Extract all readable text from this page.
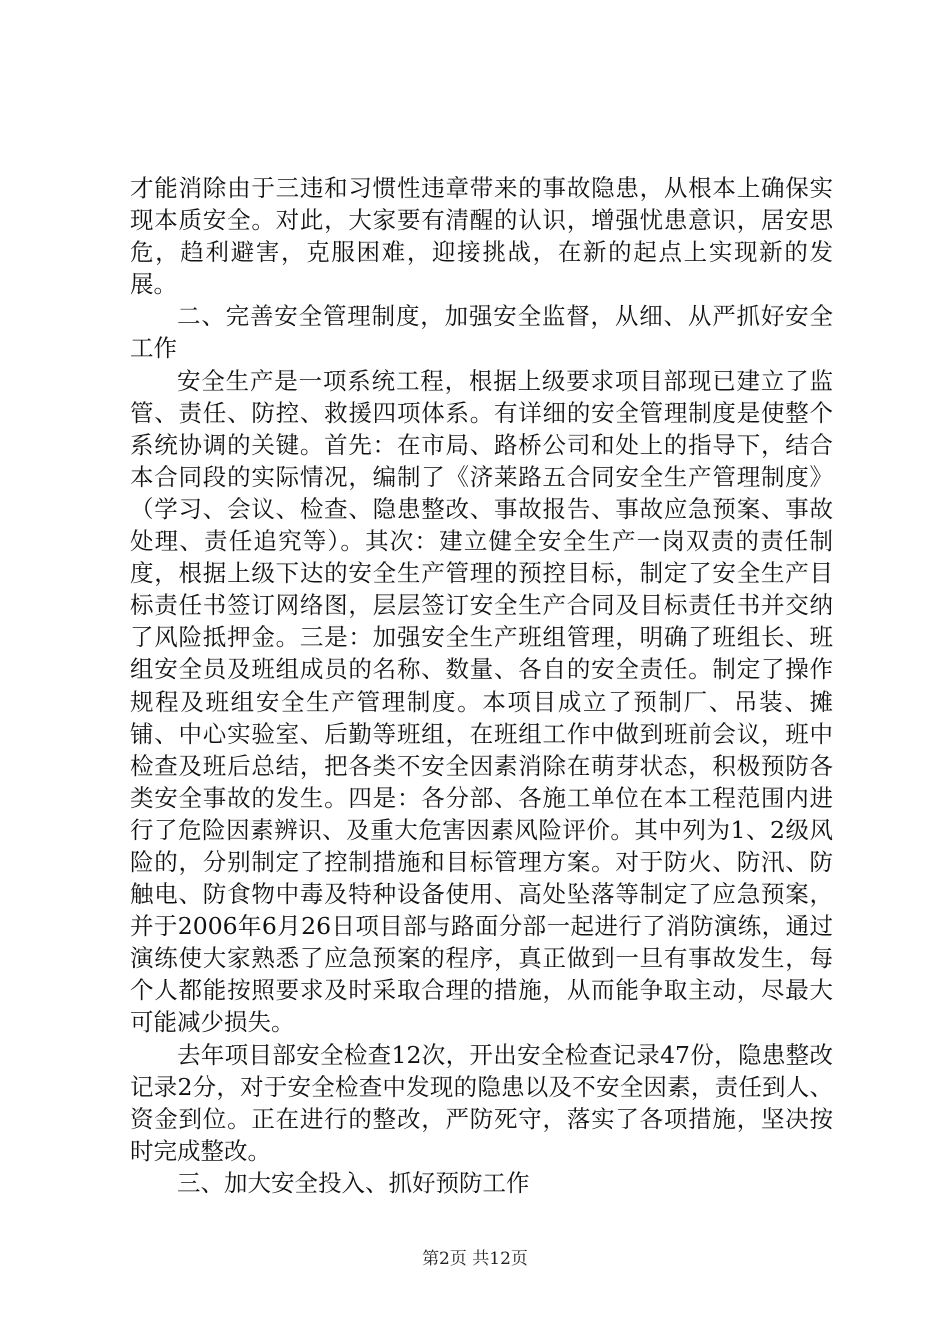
才能消除由于三违和习惯性违章带来的事故隐患，从根本上确保实现本质安全。对此，大家要有清醒的认识，增强忧患意识，居安思危，趋利避害，克服困难，迎接挑战，在新的起点上实现新的发展。

二、完善安全管理制度，加强安全监督，从细、从严抓好安全工作

安全生产是一项系统工程，根据上级要求项目部现已建立了监管、责任、防控、救援四项体系。有详细的安全管理制度是使整个系统协调的关键。首先：在市局、路桥公司和处上的指导下，结合本合同段的实际情况，编制了《济莱路五合同安全生产管理制度》（学习、会议、检查、隐患整改、事故报告、事故应急预案、事故处理、责任追究等）。其次：建立健全安全生产一岗双责的责任制度，根据上级下达的安全生产管理的预控目标，制定了安全生产目标责任书签订网络图，层层签订安全生产合同及目标责任书并交纳了风险抵押金。三是：加强安全生产班组管理，明确了班组长、班组安全员及班组成员的名称、数量、各自的安全责任。制定了操作规程及班组安全生产管理制度。本项目成立了预制厂、吊装、摊铺、中心实验室、后勤等班组，在班组工作中做到班前会议，班中检查及班后总结，把各类不安全因素消除在萌芽状态，积极预防各类安全事故的发生。四是：各分部、各施工单位在本工程范围内进行了危险因素辨识、及重大危害因素风险评价。其中列为1、2级风险的，分别制定了控制措施和目标管理方案。对于防火、防汛、防触电、防食物中毒及特种设备使用、高处坠落等制定了应急预案，并于2006年6月26日项目部与路面分部一起进行了消防演练，通过演练使大家熟悉了应急预案的程序，真正做到一旦有事故发生，每个人都能按照要求及时采取合理的措施，从而能争取主动，尽最大可能减少损失。

去年项目部安全检查12次，开出安全检查记录47份，隐患整改记录2分，对于安全检查中发现的隐患以及不安全因素，责任到人、资金到位。正在进行的整改，严防死守，落实了各项措施，坚决按时完成整改。

三、加大安全投入、抓好预防工作

第2页 共12页
